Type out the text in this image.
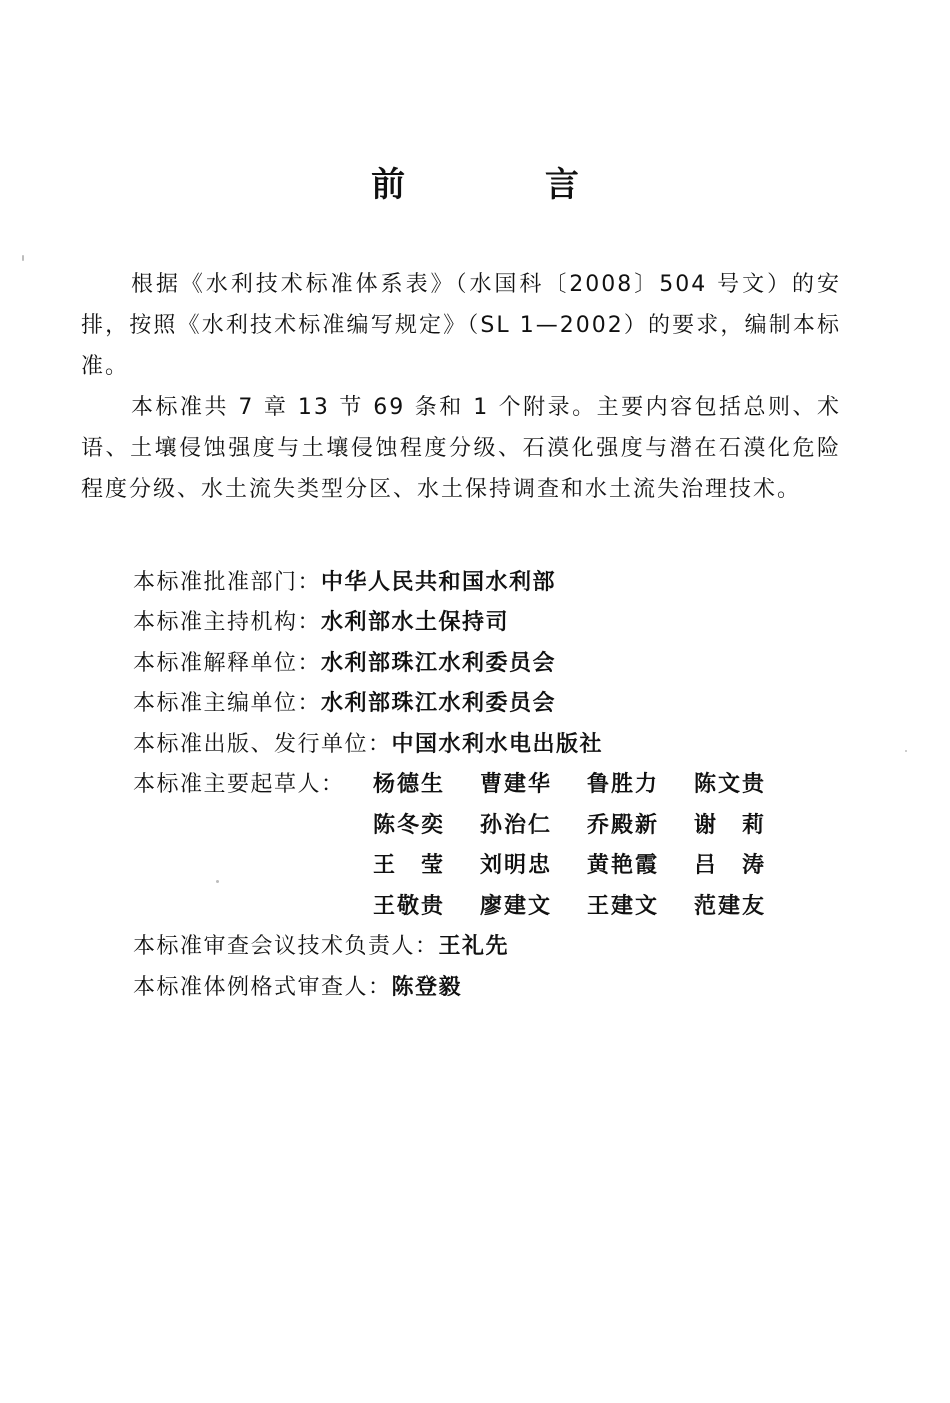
前 言

根据《水利技术标准体系表》（水国科〔2008〕504 号文）的安排，按照《水利技术标准编写规定》（SL 1—2002）的要求，编制本标准。

本标准共 7 章 13 节 69 条和 1 个附录。主要内容包括总则、术语、土壤侵蚀强度与土壤侵蚀程度分级、石漠化强度与潜在石漠化危险程度分级、水土流失类型分区、水土保持调查和水土流失治理技术。

本标准批准部门：中华人民共和国水利部
本标准主持机构：水利部水土保持司
本标准解释单位：水利部珠江水利委员会
本标准主编单位：水利部珠江水利委员会
本标准出版、发行单位：中国水利水电出版社
本标准主要起草人： 杨德生	曹建华	鲁胜力	陈文贵
陈冬奕	孙治仁	乔殿新	谢　莉
王　莹	刘明忠	黄艳霞	吕　涛
王敬贵	廖建文	王建文	范建友
本标准审查会议技术负责人：王礼先
本标准体例格式审查人：陈登毅
